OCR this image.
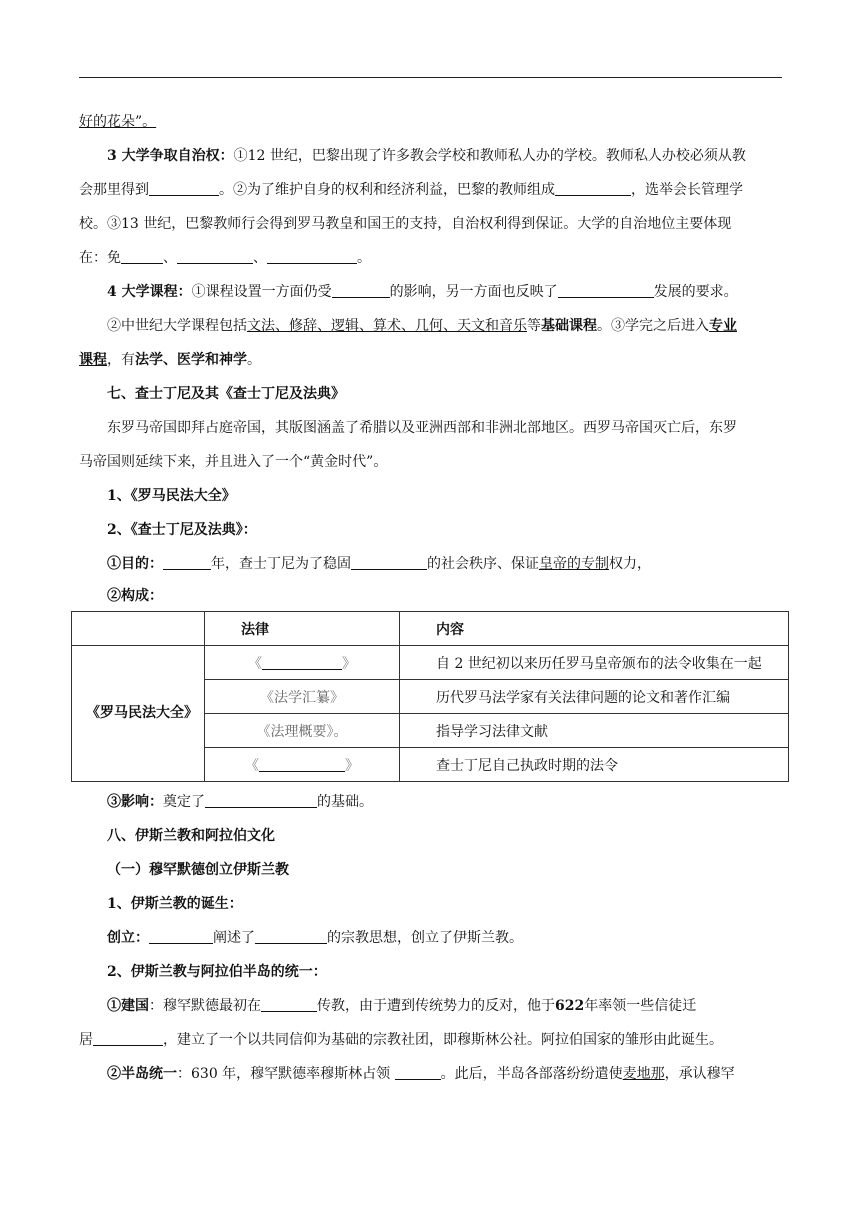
好的花朵”。
3 大学争取自治权：①12 世纪，巴黎出现了许多教会学校和教师私人办的学校。教师私人办校必须从教
会那里得到	。②为了维护自身的权利和经济利益，巴黎的教师组成	，选举会长管理学
校。③13 世纪，巴黎教师行会得到罗马教皇和国王的支持，自治权利得到保证。大学的自治地位主要体现
在：免	、	、	。
4 大学课程：①课程设置一方面仍受	的影响，另一方面也反映了	发展的要求。
②中世纪大学课程包括文法、修辞、逻辑、算术、几何、天文和音乐等基础课程。③学完之后进入专业
课程，有法学、医学和神学。
七、查士丁尼及其《查士丁尼及法典》
东罗马帝国即拜占庭帝国，其版图涵盖了希腊以及亚洲西部和非洲北部地区。西罗马帝国灭亡后，东罗
马帝国则延续下来，并且进入了一个“黄金时代”。
1、《罗马民法大全》
2、《查士丁尼及法典》：
①目的：	年，查士丁尼为了稳固	的社会秩序、保证皇帝的专制权力，
②构成：
	法律	内容
《罗马民法大全》	《 》	自 2 世纪初以来历任罗马皇帝颁布的法令收集在一起
	《法学汇纂》	历代罗马法学家有关法律问题的论文和著作汇编
	《法理概要》。	指导学习法律文献
	《 》	查士丁尼自己执政时期的法令
③影响：奠定了	的基础。
八、伊斯兰教和阿拉伯文化
（一）穆罕默德创立伊斯兰教
1、伊斯兰教的诞生：
创立：	阐述了	的宗教思想，创立了伊斯兰教。
2、伊斯兰教与阿拉伯半岛的统一：
①建国：穆罕默德最初在	传教，由于遭到传统势力的反对，他于622年率领一些信徒迁
居	，建立了一个以共同信仰为基础的宗教社团，即穆斯林公社。阿拉伯国家的雏形由此诞生。
②半岛统一：630 年，穆罕默德率穆斯林占领	。此后，半岛各部落纷纷遣使麦地那，承认穆罕
